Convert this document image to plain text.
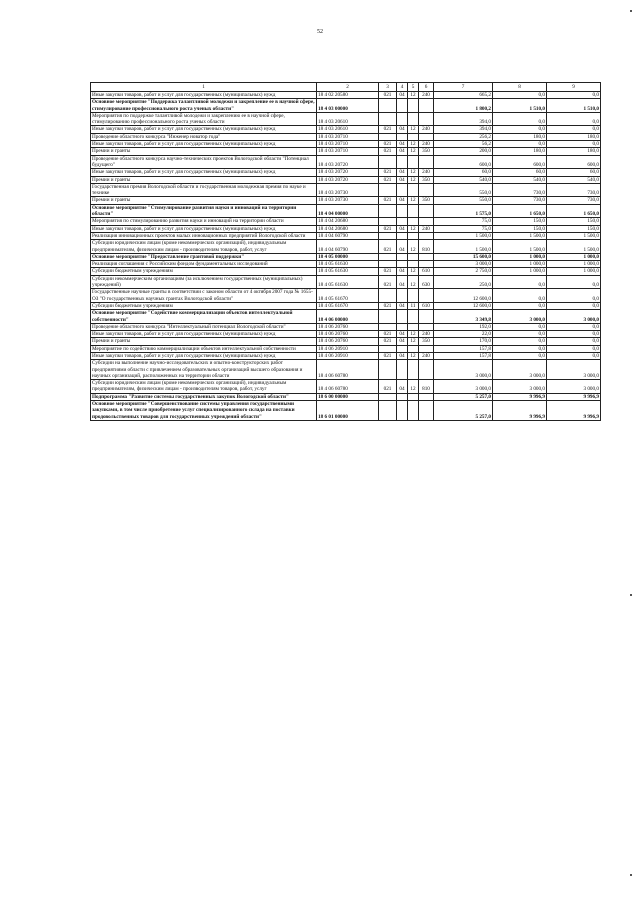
52
1	2	3	4	5	6	7	8	9
Иные закупки товаров, работ и услуг для государственных (муниципальных) нужд	18 4 02 20580	021	04	12	240	665,2	0,0	0,0
Основное мероприятие "Поддержка талантливой молодежи и закрепление ее в научной сфере, стимулирование профессионального роста ученых области"	18 4 03 00000					1 800,2	1 510,0	1 510,0
Мероприятия по поддержке талантливой молодежи и закреплению ее в научной сфере, стимулированию профессионального роста ученых области	18 4 03 20610					394,0	0,0	0,0
Иные закупки товаров, работ и услуг для государственных (муниципальных) нужд	18 4 03 20610	021	04	12	240	394,0	0,0	0,0
Проведение областного конкурса "Инженер новатор года"	18 4 03 20710					256,2	180,0	180,0
Иные закупки товаров, работ и услуг для государственных (муниципальных) нужд	18 4 03 20710	021	04	12	240	56,2	0,0	0,0
Премии и гранты	18 4 03 20710	021	04	12	350	200,0	180,0	180,0
Проведение областного конкурса научно-технических проектов Вологодской области "Потенциал будущего"	18 4 03 20720					600,0	600,0	600,0
Иные закупки товаров, работ и услуг для государственных (муниципальных) нужд	18 4 03 20720	021	04	12	240	60,0	60,0	60,0
Премии и гранты	18 4 03 20720	021	04	12	350	540,0	540,0	540,0
Государственная премия Вологодской области и государственная молодежная премия по науке и технике	18 4 03 20730					550,0	730,0	730,0
Премии и гранты	18 4 03 20730	021	04	12	350	550,0	730,0	730,0
Основное мероприятие "Стимулирование развития науки и инноваций на территории области"	18 4 04 00000					1 575,0	1 650,0	1 650,0
Мероприятия по стимулированию развития науки и инноваций на территории области	18 4 04 20680					75,0	150,0	150,0
Иные закупки товаров, работ и услуг для государственных (муниципальных) нужд	18 4 04 20680	021	04	12	240	75,0	150,0	150,0
Реализация инновационных проектов малых инновационных предприятий Вологодской области	18 4 04 60790					1 500,0	1 500,0	1 500,0
Субсидии юридическим лицам (кроме некоммерческих организаций), индивидуальным предпринимателям, физическим лицам - производителям товаров, работ, услуг	18 4 04 60790	021	04	12	810	1 500,0	1 500,0	1 500,0
Основное мероприятие "Предоставление грантовой поддержки"	18 4 05 00000					15 600,0	1 000,0	1 000,0
Реализация соглашения с Российским фондом фундаментальных исследований	18 4 05 61630					3 000,0	1 000,0	1 000,0
Субсидии бюджетным учреждениям	18 4 05 61630	021	04	12	610	2 750,0	1 000,0	1 000,0
Субсидии некоммерческим организациям (за исключением государственных (муниципальных) учреждений)	18 4 05 61630	021	04	12	630	250,0	0,0	0,0
Государственные научные гранты в соответствии с законом области от 4 октября 2007 года № 1655-ОЗ "О государственных научных грантах Вологодской области"	18 4 05 61670					12 600,0	0,0	0,0
Субсидии бюджетным учреждениям	18 4 05 61670	021	04	11	610	12 600,0	0,0	0,0
Основное мероприятие "Содействие коммерциализации объектов интеллектуальной собственности"	18 4 06 00000					3 349,8	3 000,0	3 000,0
Проведение областного конкурса "Интеллектуальный потенциал Вологодской области"	18 4 06 20760					192,0	0,0	0,0
Иные закупки товаров, работ и услуг для государственных (муниципальных) нужд	18 4 06 20760	021	04	12	240	22,0	0,0	0,0
Премии и гранты	18 4 06 20760	021	04	12	350	170,0	0,0	0,0
Мероприятие по содействию коммерциализации объектов интеллектуальной собственности	18 4 06 20910					157,8	0,0	0,0
Иные закупки товаров, работ и услуг для государственных (муниципальных) нужд	18 4 06 20910	021	04	12	240	157,8	0,0	0,0
Субсидии на выполнение научно-исследовательских и опытно-конструкторских работ предприятиями области с привлечением образовательных организаций высшего образования и научных организаций, расположенных на территории области	18 4 06 60780					3 000,0	3 000,0	3 000,0
Субсидии юридическим лицам (кроме некоммерческих организаций), индивидуальным предпринимателям, физическим лицам - производителям товаров, работ, услуг	18 4 06 60780	021	04	12	810	3 000,0	3 000,0	3 000,0
Подпрограмма "Развитие системы государственных закупок Вологодской области"	18 6 00 00000					5 257,0	9 996,9	9 996,9
Основное мероприятие "Совершенствование системы управления государственными закупками, в том числе приобретение услуг специализированного склада на поставки продовольственных товаров для государственных учреждений области"	18 6 01 00000					5 257,0	9 996,9	9 996,9
